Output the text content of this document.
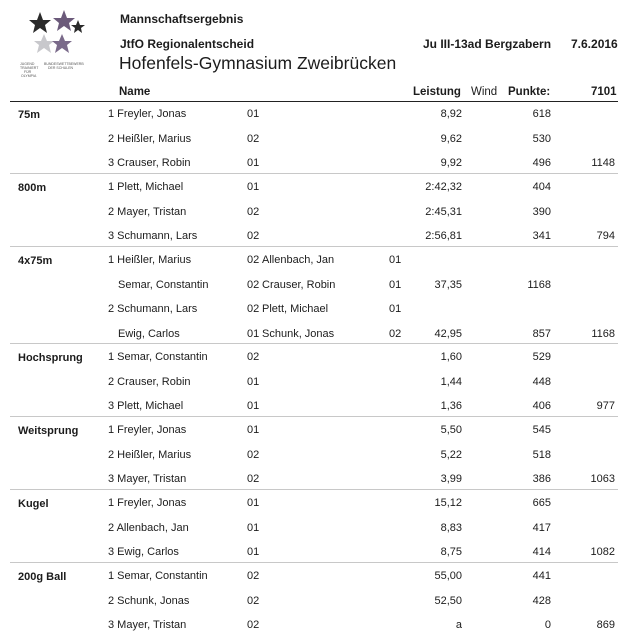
JUGEND
TRAINIERT
FÜR
OLYMPIA
BUNDESWETTBEWERB
DER SCHULEN
Mannschaftsergebnis
JtfO Regionalentscheid
Hofenfels-Gymnasium Zweibrücken
Ju III-13ad Bergzabern 7.6.2016
Name	Leistung Wind Punkte:	7101
75m	1 Freyler, Jonas	01	8,92	618
2 Heißler, Marius	02	9,62	530
3 Crauser, Robin	01	9,92	496	1148
800m	1 Plett, Michael	01	2:42,32	404
2 Mayer, Tristan	02	2:45,31	390
3 Schumann, Lars	02	2:56,81	341	794
4x75m	1 Heißler, Marius	02 Allenbach, Jan	01
Semar, Constantin	02 Crauser, Robin	01	37,35	1168
2 Schumann, Lars	02 Plett, Michael	01
Ewig, Carlos	01 Schunk, Jonas	02	42,95	857	1168
Hochsprung 1 Semar, Constantin	02	1,60	529
2 Crauser, Robin	01	1,44	448
3 Plett, Michael	01	1,36	406	977
Weitsprung	1 Freyler, Jonas	01	5,50	545
2 Heißler, Marius	02	5,22	518
3 Mayer, Tristan	02	3,99	386	1063
Kugel	1 Freyler, Jonas	01	15,12	665
2 Allenbach, Jan	01	8,83	417
3 Ewig, Carlos	01	8,75	414	1082
200g Ball	1 Semar, Constantin	02	55,00	441
2 Schunk, Jonas	02	52,50	428
3 Mayer, Tristan	02	a	0	869
